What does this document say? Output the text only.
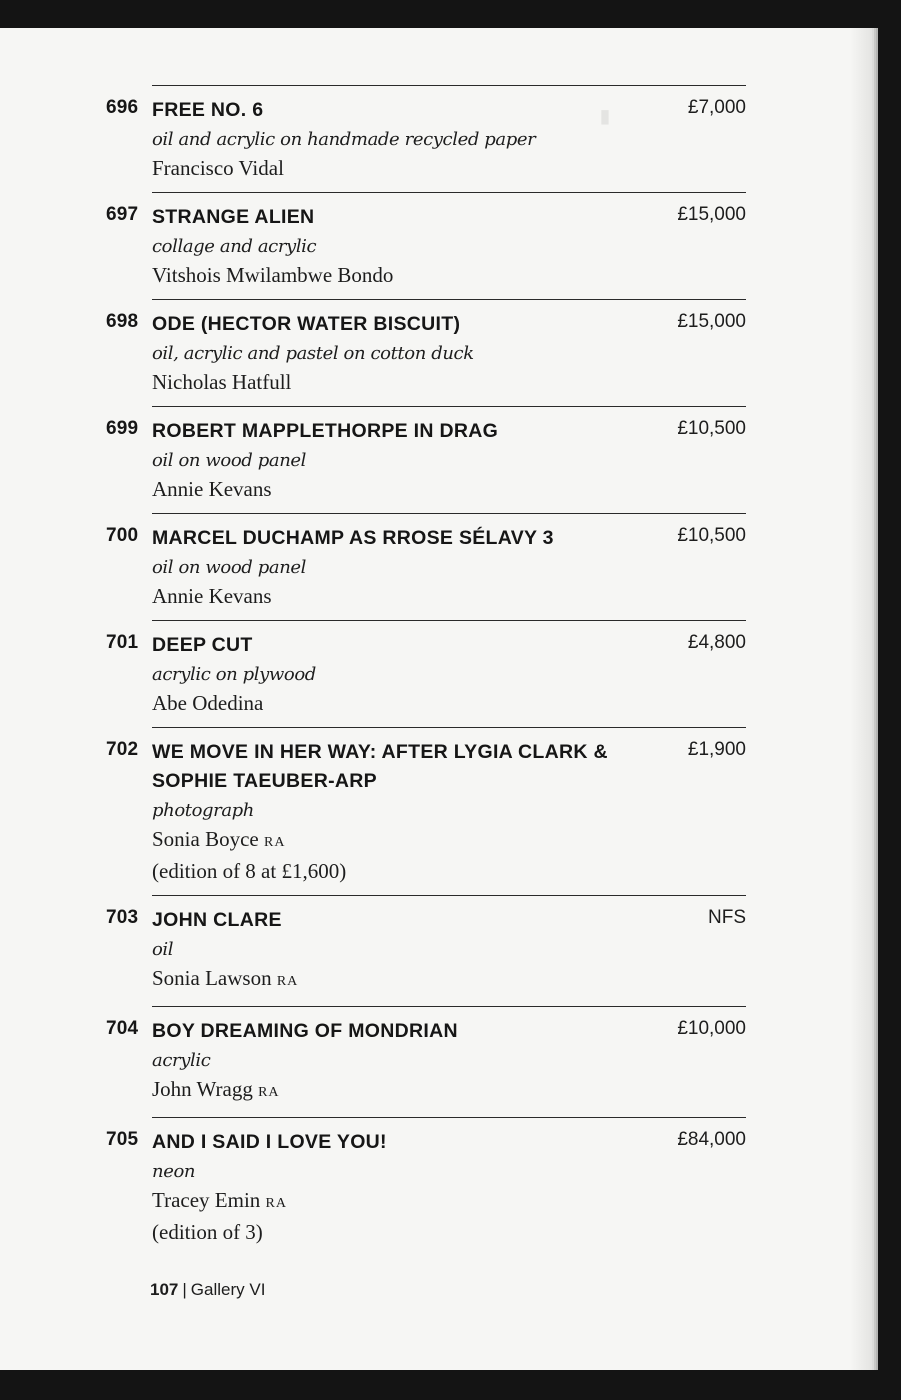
▮
696 FREE NO. 6
oil and acrylic on handmade recycled paper
Francisco Vidal
£7,000
697 STRANGE ALIEN
collage and acrylic
Vitshois Mwilambwe Bondo
£15,000
698 ODE (HECTOR WATER BISCUIT)
oil, acrylic and pastel on cotton duck
Nicholas Hatfull
£15,000
699 ROBERT MAPPLETHORPE IN DRAG
oil on wood panel
Annie Kevans
£10,500
700 MARCEL DUCHAMP AS RROSE SÉLAVY 3
oil on wood panel
Annie Kevans
£10,500
701 DEEP CUT
acrylic on plywood
Abe Odedina
£4,800
702 WE MOVE IN HER WAY: AFTER LYGIA CLARK & SOPHIE TAEUBER-ARP
photograph
Sonia Boyce RA
(edition of 8 at £1,600)
£1,900
703 JOHN CLARE
oil
Sonia Lawson RA
NFS
704 BOY DREAMING OF MONDRIAN
acrylic
John Wragg RA
£10,000
705 AND I SAID I LOVE YOU!
neon
Tracey Emin RA
(edition of 3)
£84,000
107 | Gallery VI
